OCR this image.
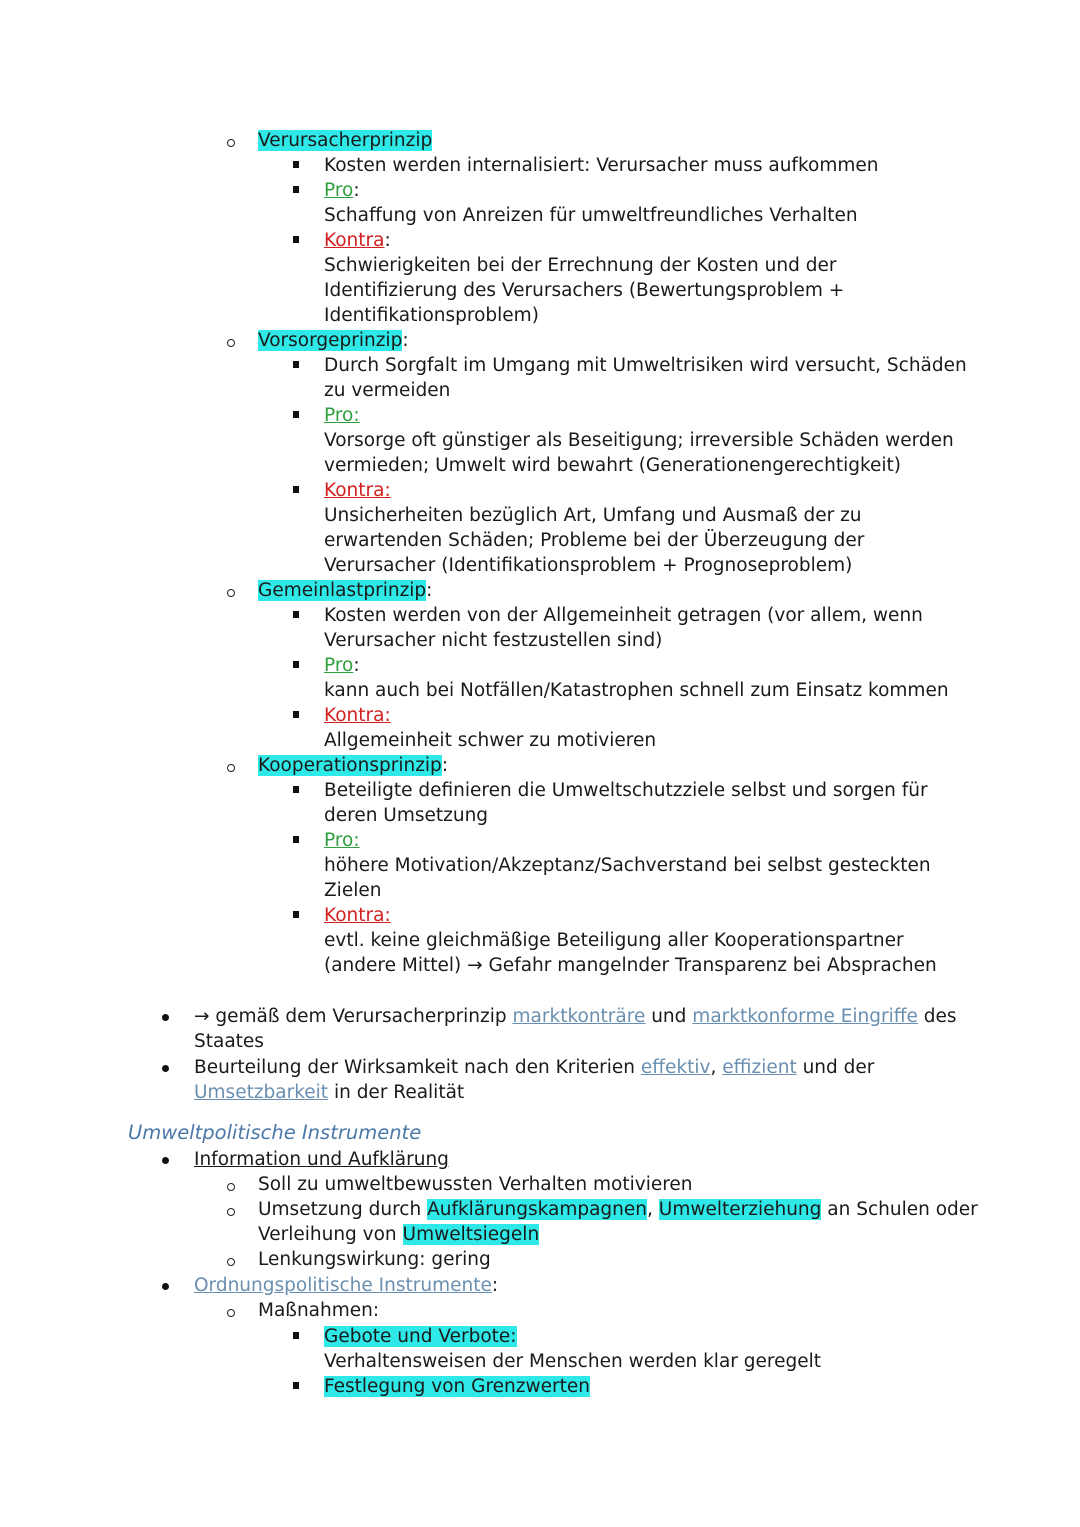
Verursacherprinzip
Kosten werden internalisiert: Verursacher muss aufkommen
Pro:
Schaffung von Anreizen für umweltfreundliches Verhalten
Kontra:
Schwierigkeiten bei der Errechnung der Kosten und der
Identifizierung des Verursachers (Bewertungsproblem +
Identifikationsproblem)
Vorsorgeprinzip:
Durch Sorgfalt im Umgang mit Umweltrisiken wird versucht, Schäden
zu vermeiden
Pro:
Vorsorge oft günstiger als Beseitigung; irreversible Schäden werden
vermieden; Umwelt wird bewahrt (Generationengerechtigkeit)
Kontra:
Unsicherheiten bezüglich Art, Umfang und Ausmaß der zu
erwartenden Schäden; Probleme bei der Überzeugung der
Verursacher (Identifikationsproblem + Prognoseproblem)
Gemeinlastprinzip:
Kosten werden von der Allgemeinheit getragen (vor allem, wenn
Verursacher nicht festzustellen sind)
Pro:
kann auch bei Notfällen/Katastrophen schnell zum Einsatz kommen
Kontra:
Allgemeinheit schwer zu motivieren
Kooperationsprinzip:
Beteiligte definieren die Umweltschutzziele selbst und sorgen für
deren Umsetzung
Pro:
höhere Motivation/Akzeptanz/Sachverstand bei selbst gesteckten
Zielen
Kontra:
evtl. keine gleichmäßige Beteiligung aller Kooperationspartner
(andere Mittel) → Gefahr mangelnder Transparenz bei Absprachen
→ gemäß dem Verursacherprinzip marktkonträre und marktkonforme Eingriffe des
Staates
Beurteilung der Wirksamkeit nach den Kriterien effektiv, effizient und der
Umsetzbarkeit in der Realität
Umweltpolitische Instrumente
Information und Aufklärung
Soll zu umweltbewussten Verhalten motivieren
Umsetzung durch Aufklärungskampagnen, Umwelterziehung an Schulen oder
Verleihung von Umweltsiegeln
Lenkungswirkung: gering
Ordnungspolitische Instrumente:
Maßnahmen:
Gebote und Verbote:
Verhaltensweisen der Menschen werden klar geregelt
Festlegung von Grenzwerten
